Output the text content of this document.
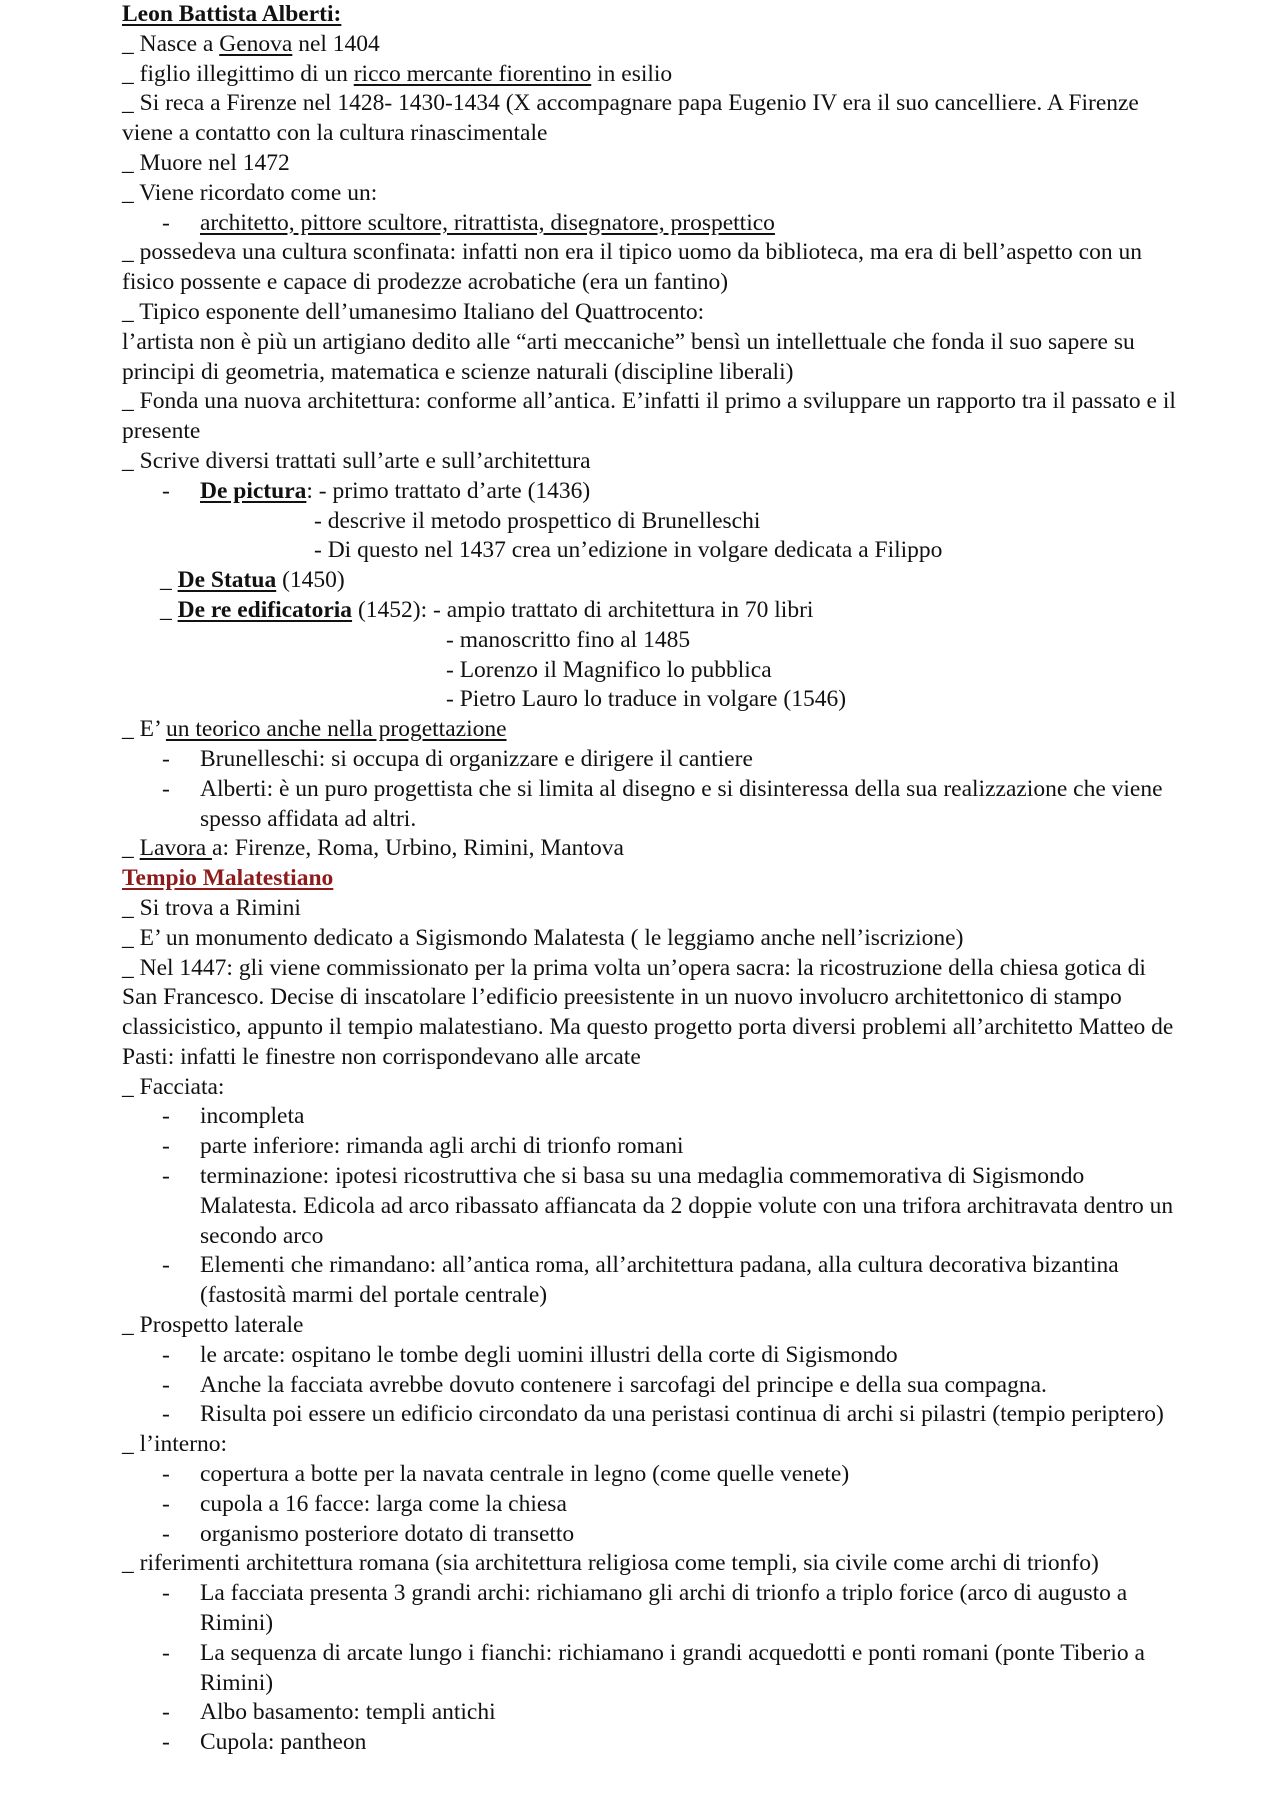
Leon Battista Alberti:
_ Nasce a Genova nel 1404
_ figlio illegittimo di un ricco mercante fiorentino in esilio
_ Si reca a Firenze nel 1428- 1430-1434 (X accompagnare papa Eugenio IV era il suo cancelliere. A Firenze viene a contatto con la cultura rinascimentale
_ Muore nel 1472
_ Viene ricordato come un:
-	architetto, pittore scultore, ritrattista, disegnatore, prospettico
_ possedeva una cultura sconfinata: infatti non era il tipico uomo da biblioteca, ma era di bell’aspetto con un fisico possente e capace di prodezze acrobatiche (era un fantino)
_ Tipico esponente dell’umanesimo Italiano del Quattrocento:
l’artista non è più un artigiano dedito alle “arti meccaniche” bensì un intellettuale che fonda il suo sapere su principi di geometria, matematica e scienze naturali (discipline liberali)
_ Fonda una nuova architettura: conforme all’antica. E’infatti il primo a sviluppare un rapporto tra il passato e il presente
_ Scrive diversi trattati sull’arte e sull’architettura
-	De pictura: - primo trattato d’arte (1436)
- descrive il metodo prospettico di Brunelleschi
- Di questo nel 1437 crea un’edizione in volgare dedicata a Filippo
_ De Statua (1450)
_ De re edificatoria (1452): - ampio trattato di architettura in 70 libri
- manoscritto fino al 1485
- Lorenzo il Magnifico lo pubblica
- Pietro Lauro lo traduce in volgare (1546)
_ E’ un teorico anche nella progettazione
-	Brunelleschi: si occupa di organizzare e dirigere il cantiere
-	Alberti: è un puro progettista che si limita al disegno e si disinteressa della sua realizzazione che viene spesso affidata ad altri.
_ Lavora a: Firenze, Roma, Urbino, Rimini, Mantova
Tempio Malatestiano
_ Si trova a Rimini
_ E’ un monumento dedicato a Sigismondo Malatesta ( le leggiamo anche nell’iscrizione)
_ Nel 1447: gli viene commissionato per la prima volta un’opera sacra: la ricostruzione della chiesa gotica di San Francesco. Decise di inscatolare l’edificio preesistente in un nuovo involucro architettonico di stampo classicistico, appunto il tempio malatestiano. Ma questo progetto porta diversi problemi all’architetto Matteo de Pasti: infatti le finestre non corrispondevano alle arcate
_ Facciata:
-	incompleta
-	parte inferiore: rimanda agli archi di trionfo romani
-	terminazione: ipotesi ricostruttiva che si basa su una medaglia commemorativa di Sigismondo Malatesta. Edicola ad arco ribassato affiancata da 2 doppie volute con una trifora architravata dentro un secondo arco
-	Elementi che rimandano: all’antica roma, all’architettura padana, alla cultura decorativa bizantina (fastosità marmi del portale centrale)
_ Prospetto laterale
-	le arcate: ospitano le tombe degli uomini illustri della corte di Sigismondo
-	Anche la facciata avrebbe dovuto contenere i sarcofagi del principe e della sua compagna.
-	Risulta poi essere un edificio circondato da una peristasi continua di archi si pilastri (tempio periptero)
_ l’interno:
-	copertura a botte per la navata centrale in legno (come quelle venete)
-	cupola a 16 facce: larga come la chiesa
-	organismo posteriore dotato di transetto
_ riferimenti architettura romana (sia architettura religiosa come templi, sia civile come archi di trionfo)
-	La facciata presenta 3 grandi archi: richiamano gli archi di trionfo a triplo forice (arco di augusto a Rimini)
-	La sequenza di arcate lungo i fianchi: richiamano i grandi acquedotti e ponti romani (ponte Tiberio a Rimini)
-	Albo basamento: templi antichi
-	Cupola: pantheon
